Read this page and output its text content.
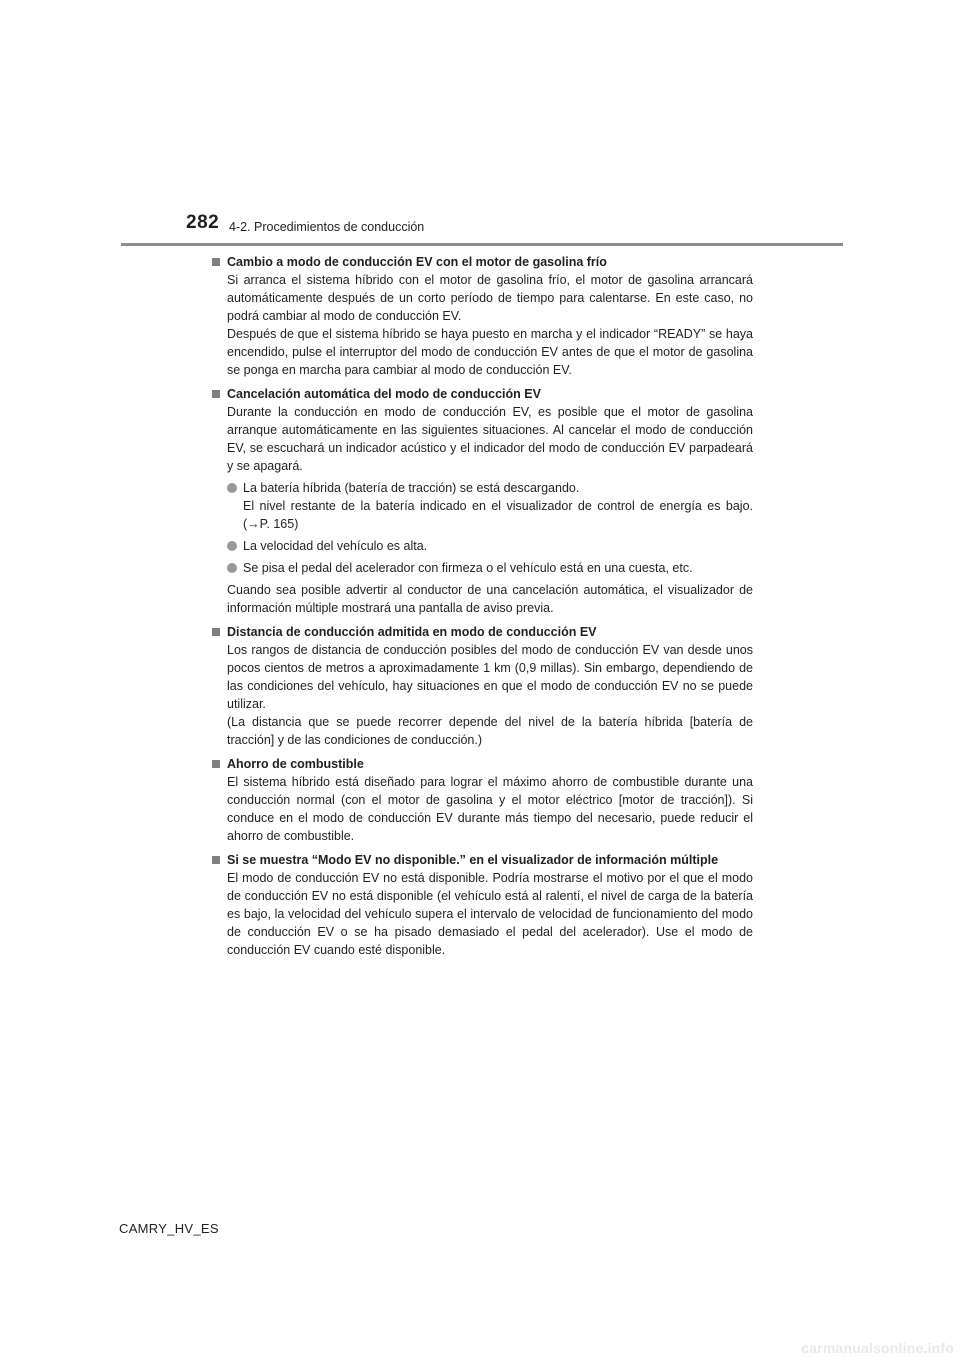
282 4-2. Procedimientos de conducción
Cambio a modo de conducción EV con el motor de gasolina frío
Si arranca el sistema híbrido con el motor de gasolina frío, el motor de gasolina arrancará automáticamente después de un corto período de tiempo para calentarse. En este caso, no podrá cambiar al modo de conducción EV.
Después de que el sistema híbrido se haya puesto en marcha y el indicador “READY” se haya encendido, pulse el interruptor del modo de conducción EV antes de que el motor de gasolina se ponga en marcha para cambiar al modo de conducción EV.
Cancelación automática del modo de conducción EV
Durante la conducción en modo de conducción EV, es posible que el motor de gasolina arranque automáticamente en las siguientes situaciones. Al cancelar el modo de conducción EV, se escuchará un indicador acústico y el indicador del modo de conducción EV parpadeará y se apagará.
La batería híbrida (batería de tracción) se está descargando.
El nivel restante de la batería indicado en el visualizador de control de energía es bajo. (→P. 165)
La velocidad del vehículo es alta.
Se pisa el pedal del acelerador con firmeza o el vehículo está en una cuesta, etc.
Cuando sea posible advertir al conductor de una cancelación automática, el visualizador de información múltiple mostrará una pantalla de aviso previa.
Distancia de conducción admitida en modo de conducción EV
Los rangos de distancia de conducción posibles del modo de conducción EV van desde unos pocos cientos de metros a aproximadamente 1 km (0,9 millas). Sin embargo, dependiendo de las condiciones del vehículo, hay situaciones en que el modo de conducción EV no se puede utilizar.
(La distancia que se puede recorrer depende del nivel de la batería híbrida [batería de tracción] y de las condiciones de conducción.)
Ahorro de combustible
El sistema híbrido está diseñado para lograr el máximo ahorro de combustible durante una conducción normal (con el motor de gasolina y el motor eléctrico [motor de tracción]). Si conduce en el modo de conducción EV durante más tiempo del necesario, puede reducir el ahorro de combustible.
Si se muestra “Modo EV no disponible.” en el visualizador de información múltiple
El modo de conducción EV no está disponible. Podría mostrarse el motivo por el que el modo de conducción EV no está disponible (el vehículo está al ralentí, el nivel de carga de la batería es bajo, la velocidad del vehículo supera el intervalo de velocidad de funcionamiento del modo de conducción EV o se ha pisado demasiado el pedal del acelerador). Use el modo de conducción EV cuando esté disponible.
CAMRY_HV_ES
carmanualsonline.info
